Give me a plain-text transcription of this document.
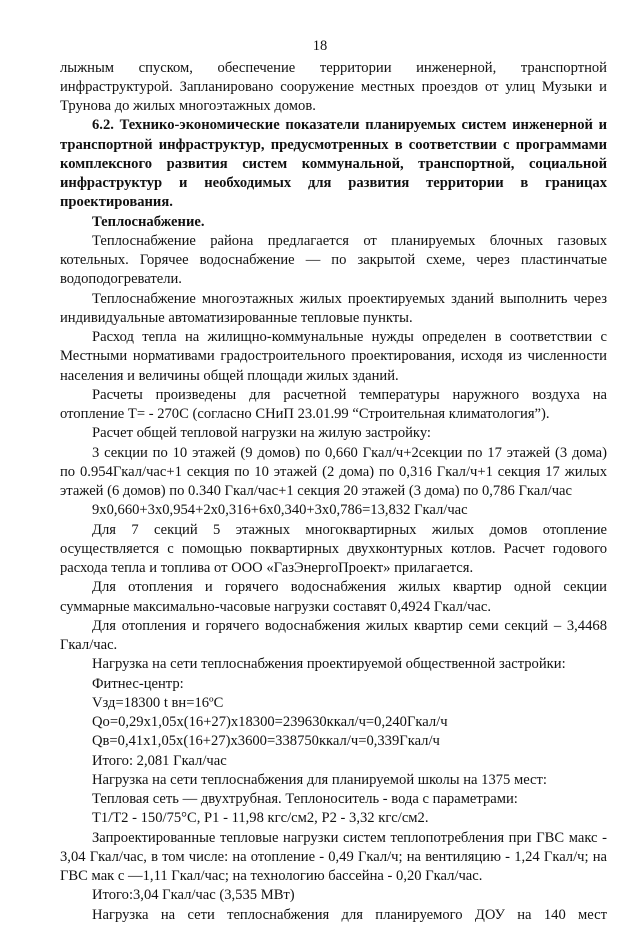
18

лыжным спуском, обеспечение территории инженерной, транспортной инфраструктурой. Запланировано сооружение местных проездов от улиц Музыки и Трунова до жилых многоэтажных домов.

6.2. Технико-экономические показатели планируемых систем инженерной и транспортной инфраструктур, предусмотренных в соответствии с программами комплексного развития систем коммунальной, транспортной, социальной инфраструктур и необходимых для развития территории в границах проектирования.

Теплоснабжение.

Теплоснабжение района предлагается от планируемых блочных газовых котельных. Горячее водоснабжение — по закрытой схеме, через пластинчатые водоподогреватели.

Теплоснабжение многоэтажных жилых проектируемых зданий выполнить через индивидуальные автоматизированные тепловые пункты.

Расход тепла на жилищно-коммунальные нужды определен в соответствии с Местными нормативами градостроительного проектирования, исходя из численности населения и величины общей площади жилых зданий.

Расчеты произведены для расчетной температуры наружного воздуха на отопление Т= - 270С (согласно СНиП 23.01.99 “Строительная климатология”).

Расчет общей тепловой нагрузки на жилую застройку:

3 секции по 10 этажей (9 домов) по 0,660 Гкал/ч+2секции по 17 этажей (3 дома) по 0.954Гкал/час+1 секция по 10 этажей (2 дома) по 0,316 Гкал/ч+1 секция 17 жилых этажей (6 домов) по 0.340 Гкал/час+1 секция 20 этажей (3 дома) по 0,786 Гкал/час

9х0,660+3х0,954+2х0,316+6х0,340+3х0,786=13,832 Гкал/час

Для 7 секций 5 этажных многоквартирных жилых домов отопление осуществляется с помощью поквартирных двухконтурных котлов. Расчет годового расхода тепла и топлива от ООО «ГазЭнергоПроект» прилагается.

Для отопления и горячего водоснабжения жилых квартир одной секции суммарные максимально-часовые нагрузки составят 0,4924 Гкал/час.

Для отопления и горячего водоснабжения жилых квартир семи секций – 3,4468 Гкал/час.

Нагрузка на сети теплоснабжения проектируемой общественной застройки:

Фитнес-центр:

Vзд=18300 t вн=16ºС

Qо=0,29х1,05х(16+27)х18300=239630ккал/ч=0,240Гкал/ч

Qв=0,41х1,05х(16+27)х3600=338750ккал/ч=0,339Гкал/ч

Итого: 2,081 Гкал/час

Нагрузка на сети теплоснабжения для планируемой школы на 1375 мест:

Тепловая сеть — двухтрубная. Теплоноситель - вода с параметрами:

Т1/Т2 - 150/75°С, Р1 - 11,98 кгс/см2, Р2 - 3,32 кгс/см2.

Запроектированные тепловые нагрузки систем теплопотребления при ГВС макс - 3,04 Гкал/час, в том числе: на отопление - 0,49 Гкал/ч; на вентиляцию - 1,24 Гкал/ч; на ГВС мак с —1,11 Гкал/час; на технологию бассейна - 0,20 Гкал/час.

Итого:3,04 Гкал/час (3,535 МВт)

Нагрузка на сети теплоснабжения для планируемого ДОУ на 140 мест
